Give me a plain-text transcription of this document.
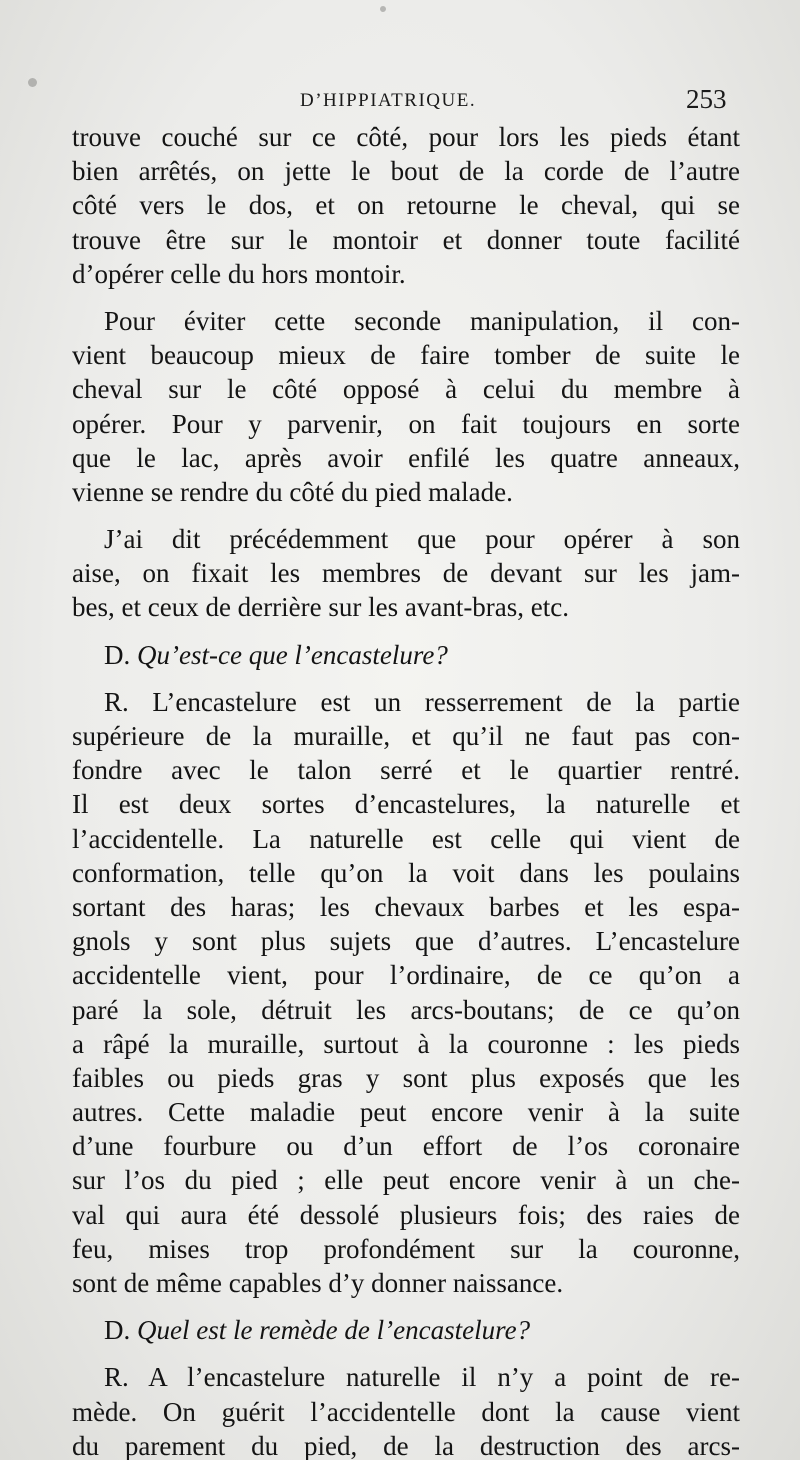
D’HIPPIATRIQUE.	253
trouve couché sur ce côté, pour lors les pieds étant
bien arrêtés, on jette le bout de la corde de l’autre
côté vers le dos, et on retourne le cheval, qui se
trouve être sur le montoir et donner toute facilité
d’opérer celle du hors montoir.
Pour éviter cette seconde manipulation, il con-
vient beaucoup mieux de faire tomber de suite le
cheval sur le côté opposé à celui du membre à
opérer. Pour y parvenir, on fait toujours en sorte
que le lac, après avoir enfilé les quatre anneaux,
vienne se rendre du côté du pied malade.
J’ai dit précédemment que pour opérer à son
aise, on fixait les membres de devant sur les jam-
bes, et ceux de derrière sur les avant-bras, etc.
D. Qu’est-ce que l’encastelure?
R. L’encastelure est un resserrement de la partie
supérieure de la muraille, et qu’il ne faut pas con-
fondre avec le talon serré et le quartier rentré.
Il est deux sortes d’encastelures, la naturelle et
l’accidentelle. La naturelle est celle qui vient de
conformation, telle qu’on la voit dans les poulains
sortant des haras; les chevaux barbes et les espa-
gnols y sont plus sujets que d’autres. L’encastelure
accidentelle vient, pour l’ordinaire, de ce qu’on a
paré la sole, détruit les arcs-boutans; de ce qu’on
a râpé la muraille, surtout à la couronne : les pieds
faibles ou pieds gras y sont plus exposés que les
autres. Cette maladie peut encore venir à la suite
d’une fourbure ou d’un effort de l’os coronaire
sur l’os du pied ; elle peut encore venir à un che-
val qui aura été dessolé plusieurs fois; des raies de
feu, mises trop profondément sur la couronne,
sont de même capables d’y donner naissance.
D. Quel est le remède de l’encastelure?
R. A l’encastelure naturelle il n’y a point de re-
mède. On guérit l’accidentelle dont la cause vient
du parement du pied, de la destruction des arcs-
